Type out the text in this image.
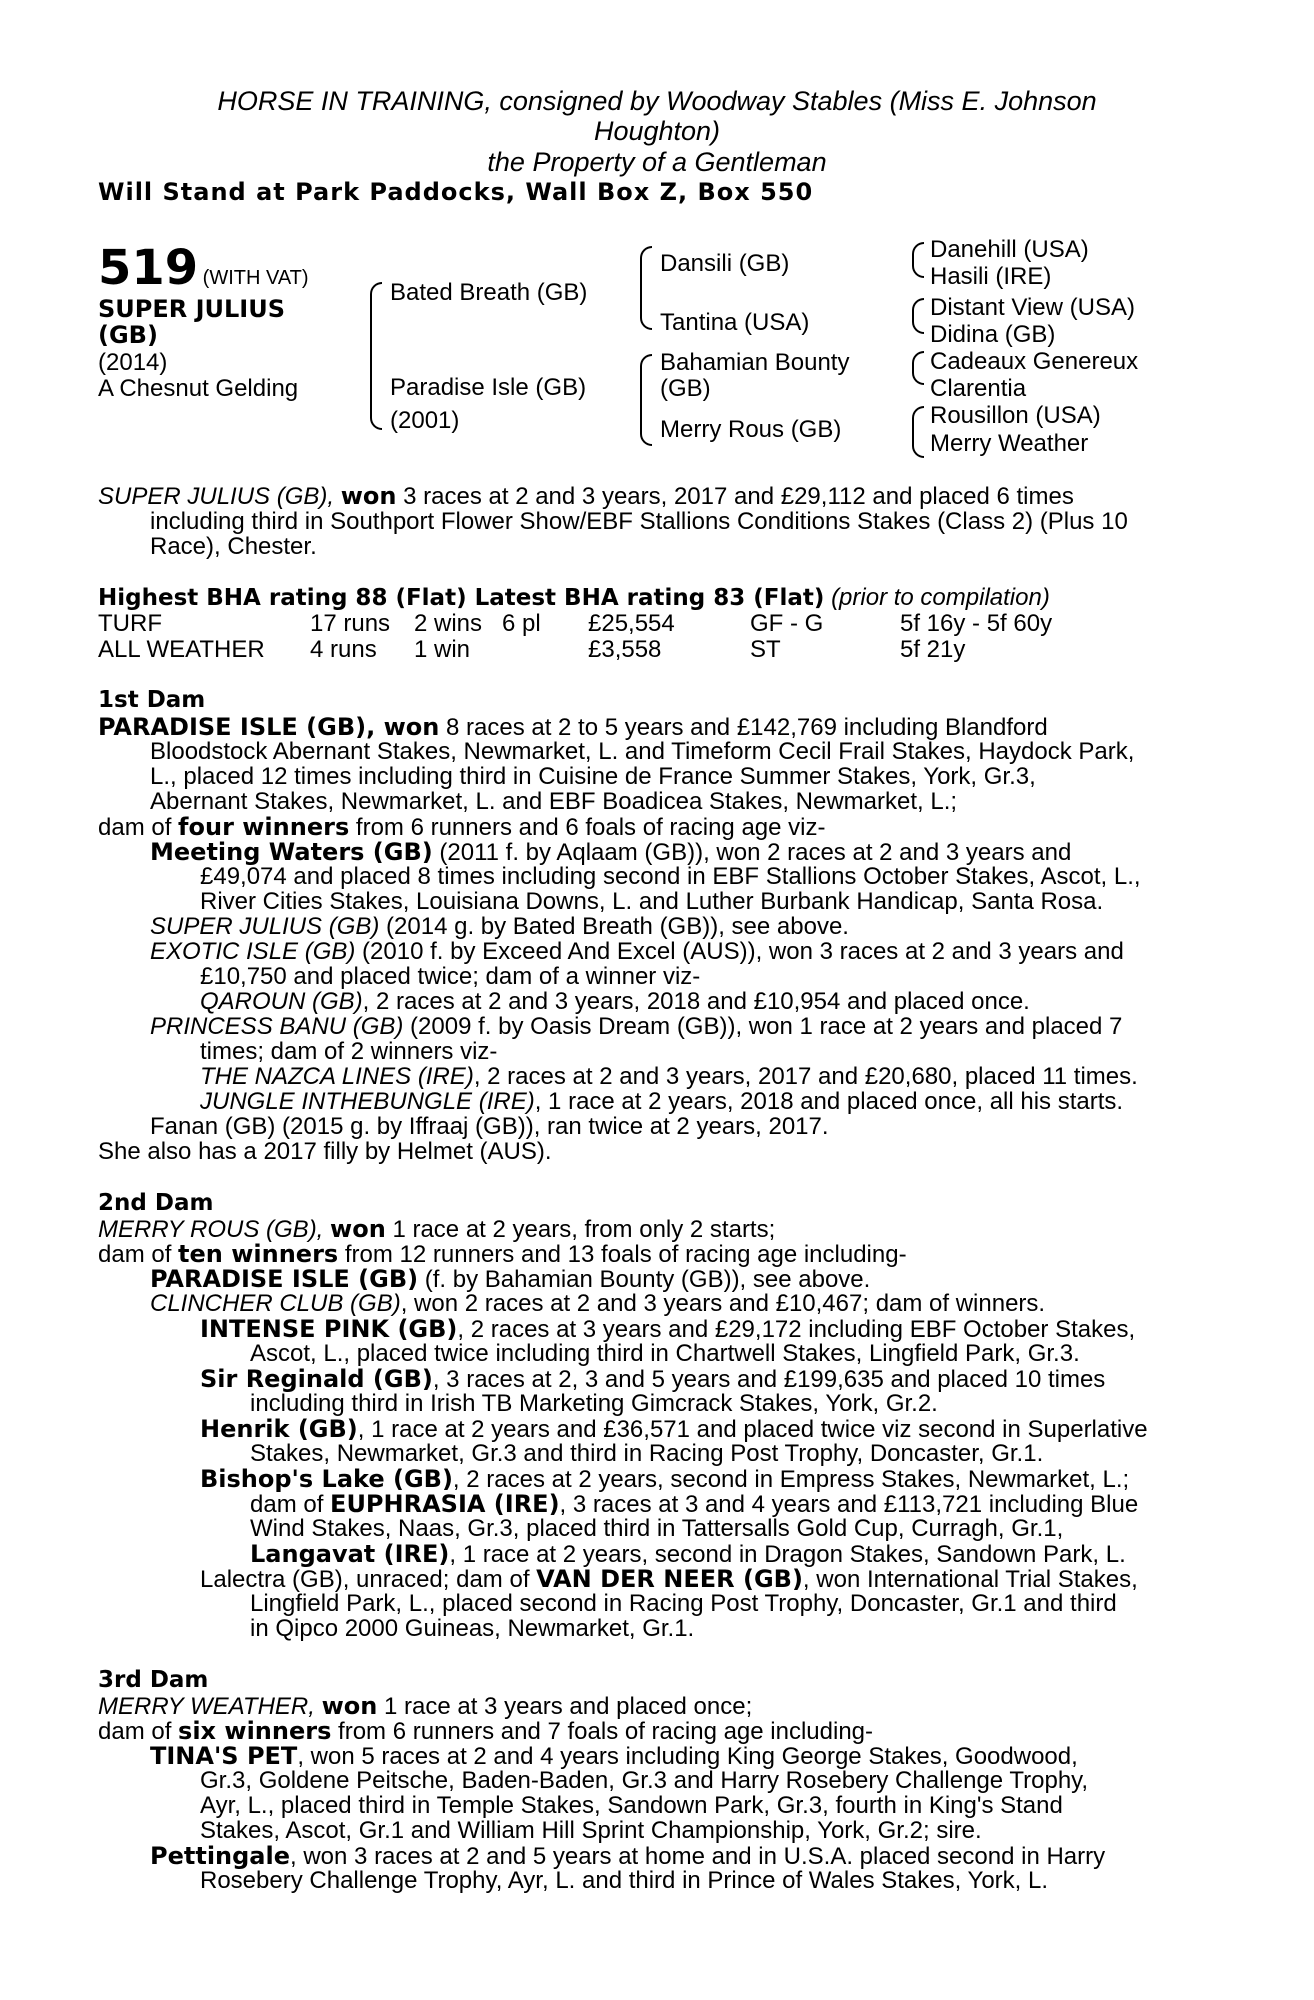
HORSE IN TRAINING, consigned by Woodway Stables (Miss E. Johnson
Houghton)
the Property of a Gentleman
Will Stand at Park Paddocks, Wall Box Z, Box 550
519 (WITH VAT)
SUPER JULIUS
(GB)
(2014)
A Chesnut Gelding
Bated Breath (GB)
Paradise Isle (GB)
(2001)
Dansili (GB)
Tantina (USA)
Bahamian Bounty
(GB)
Merry Rous (GB)
Danehill (USA)
Hasili (IRE)
Distant View (USA)
Didina (GB)
Cadeaux Genereux
Clarentia
Rousillon (USA)
Merry Weather
SUPER JULIUS (GB), won 3 races at 2 and 3 years, 2017 and £29,112 and placed 6 times
including third in Southport Flower Show/EBF Stallions Conditions Stakes (Class 2) (Plus 10
Race), Chester.
Highest BHA rating 88 (Flat) Latest BHA rating 83 (Flat) (prior to compilation)
TURF	17 runs 2 wins 6 pl £25,554	GF - G	5f 16y - 5f 60y
ALL WEATHER 4 runs 1 win	£3,558	ST	5f 21y
1st Dam
PARADISE ISLE (GB), won 8 races at 2 to 5 years and £142,769 including Blandford
Bloodstock Abernant Stakes, Newmarket, L. and Timeform Cecil Frail Stakes, Haydock Park,
L., placed 12 times including third in Cuisine de France Summer Stakes, York, Gr.3,
Abernant Stakes, Newmarket, L. and EBF Boadicea Stakes, Newmarket, L.;
dam of four winners from 6 runners and 6 foals of racing age viz-
Meeting Waters (GB) (2011 f. by Aqlaam (GB)), won 2 races at 2 and 3 years and
£49,074 and placed 8 times including second in EBF Stallions October Stakes, Ascot, L.,
River Cities Stakes, Louisiana Downs, L. and Luther Burbank Handicap, Santa Rosa.
SUPER JULIUS (GB) (2014 g. by Bated Breath (GB)), see above.
EXOTIC ISLE (GB) (2010 f. by Exceed And Excel (AUS)), won 3 races at 2 and 3 years and
£10,750 and placed twice; dam of a winner viz-
QAROUN (GB), 2 races at 2 and 3 years, 2018 and £10,954 and placed once.
PRINCESS BANU (GB) (2009 f. by Oasis Dream (GB)), won 1 race at 2 years and placed 7
times; dam of 2 winners viz-
THE NAZCA LINES (IRE), 2 races at 2 and 3 years, 2017 and £20,680, placed 11 times.
JUNGLE INTHEBUNGLE (IRE), 1 race at 2 years, 2018 and placed once, all his starts.
Fanan (GB) (2015 g. by Iffraaj (GB)), ran twice at 2 years, 2017.
She also has a 2017 filly by Helmet (AUS).
2nd Dam
MERRY ROUS (GB), won 1 race at 2 years, from only 2 starts;
dam of ten winners from 12 runners and 13 foals of racing age including-
PARADISE ISLE (GB) (f. by Bahamian Bounty (GB)), see above.
CLINCHER CLUB (GB), won 2 races at 2 and 3 years and £10,467; dam of winners.
INTENSE PINK (GB), 2 races at 3 years and £29,172 including EBF October Stakes,
Ascot, L., placed twice including third in Chartwell Stakes, Lingfield Park, Gr.3.
Sir Reginald (GB), 3 races at 2, 3 and 5 years and £199,635 and placed 10 times
including third in Irish TB Marketing Gimcrack Stakes, York, Gr.2.
Henrik (GB), 1 race at 2 years and £36,571 and placed twice viz second in Superlative
Stakes, Newmarket, Gr.3 and third in Racing Post Trophy, Doncaster, Gr.1.
Bishop's Lake (GB), 2 races at 2 years, second in Empress Stakes, Newmarket, L.;
dam of EUPHRASIA (IRE), 3 races at 3 and 4 years and £113,721 including Blue
Wind Stakes, Naas, Gr.3, placed third in Tattersalls Gold Cup, Curragh, Gr.1,
Langavat (IRE), 1 race at 2 years, second in Dragon Stakes, Sandown Park, L.
Lalectra (GB), unraced; dam of VAN DER NEER (GB), won International Trial Stakes,
Lingfield Park, L., placed second in Racing Post Trophy, Doncaster, Gr.1 and third
in Qipco 2000 Guineas, Newmarket, Gr.1.
3rd Dam
MERRY WEATHER, won 1 race at 3 years and placed once;
dam of six winners from 6 runners and 7 foals of racing age including-
TINA'S PET, won 5 races at 2 and 4 years including King George Stakes, Goodwood,
Gr.3, Goldene Peitsche, Baden-Baden, Gr.3 and Harry Rosebery Challenge Trophy,
Ayr, L., placed third in Temple Stakes, Sandown Park, Gr.3, fourth in King's Stand
Stakes, Ascot, Gr.1 and William Hill Sprint Championship, York, Gr.2; sire.
Pettingale, won 3 races at 2 and 5 years at home and in U.S.A. placed second in Harry
Rosebery Challenge Trophy, Ayr, L. and third in Prince of Wales Stakes, York, L.
